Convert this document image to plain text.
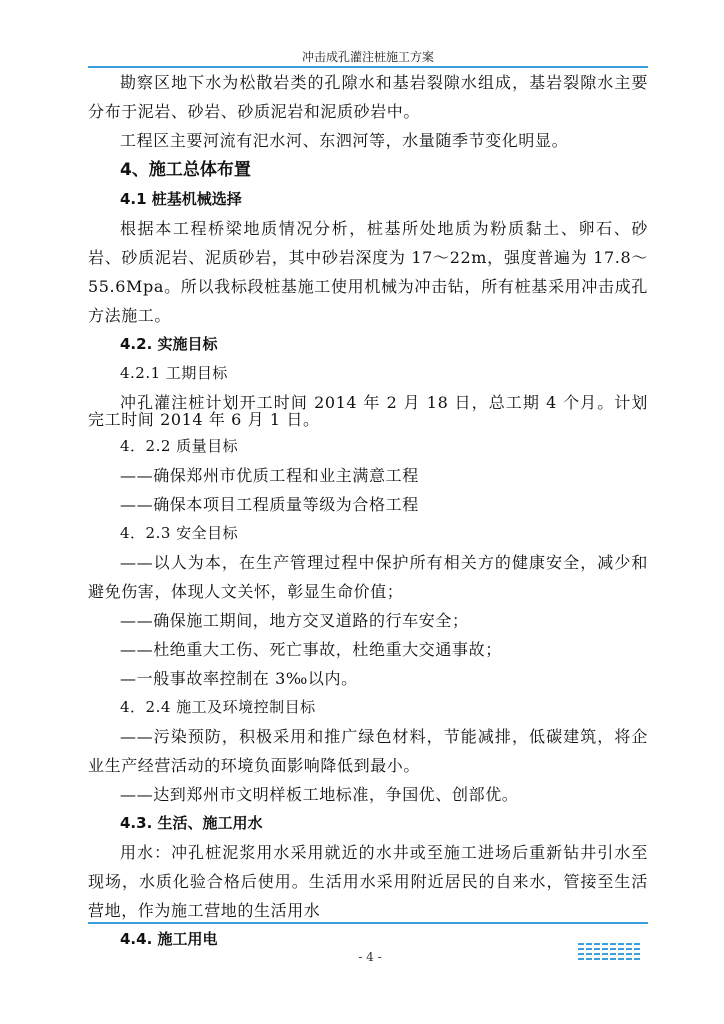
冲击成孔灌注桩施工方案

勘察区地下水为松散岩类的孔隙水和基岩裂隙水组成，基岩裂隙水主要分布于泥岩、砂岩、砂质泥岩和泥质砂岩中。

工程区主要河流有汜水河、东泗河等，水量随季节变化明显。

4、施工总体布置

4.1 桩基机械选择

根据本工程桥梁地质情况分析，桩基所处地质为粉质黏土、卵石、砂岩、砂质泥岩、泥质砂岩，其中砂岩深度为 17～22m，强度普遍为 17.8～55.6Mpa。所以我标段桩基施工使用机械为冲击钻，所有桩基采用冲击成孔方法施工。

4.2. 实施目标

4.2.1 工期目标

冲孔灌注桩计划开工时间 2014 年 2 月 18 日，总工期 4 个月。计划完工时间 2014 年 6 月 1 日。

4．2.2 质量目标

——确保郑州市优质工程和业主满意工程

——确保本项目工程质量等级为合格工程

4．2.3 安全目标

——以人为本，在生产管理过程中保护所有相关方的健康安全，减少和避免伤害，体现人文关怀，彰显生命价值；

——确保施工期间，地方交叉道路的行车安全；

——杜绝重大工伤、死亡事故，杜绝重大交通事故；

—一般事故率控制在 3‰以内。

4．2.4 施工及环境控制目标

——污染预防，积极采用和推广绿色材料，节能减排，低碳建筑，将企业生产经营活动的环境负面影响降低到最小。

——达到郑州市文明样板工地标准，争国优、创部优。

4.3. 生活、施工用水

用水：冲孔桩泥浆用水采用就近的水井或至施工进场后重新钻井引水至现场，水质化验合格后使用。生活用水采用附近居民的自来水，管接至生活营地，作为施工营地的生活用水

4.4. 施工用电

- 4 -
